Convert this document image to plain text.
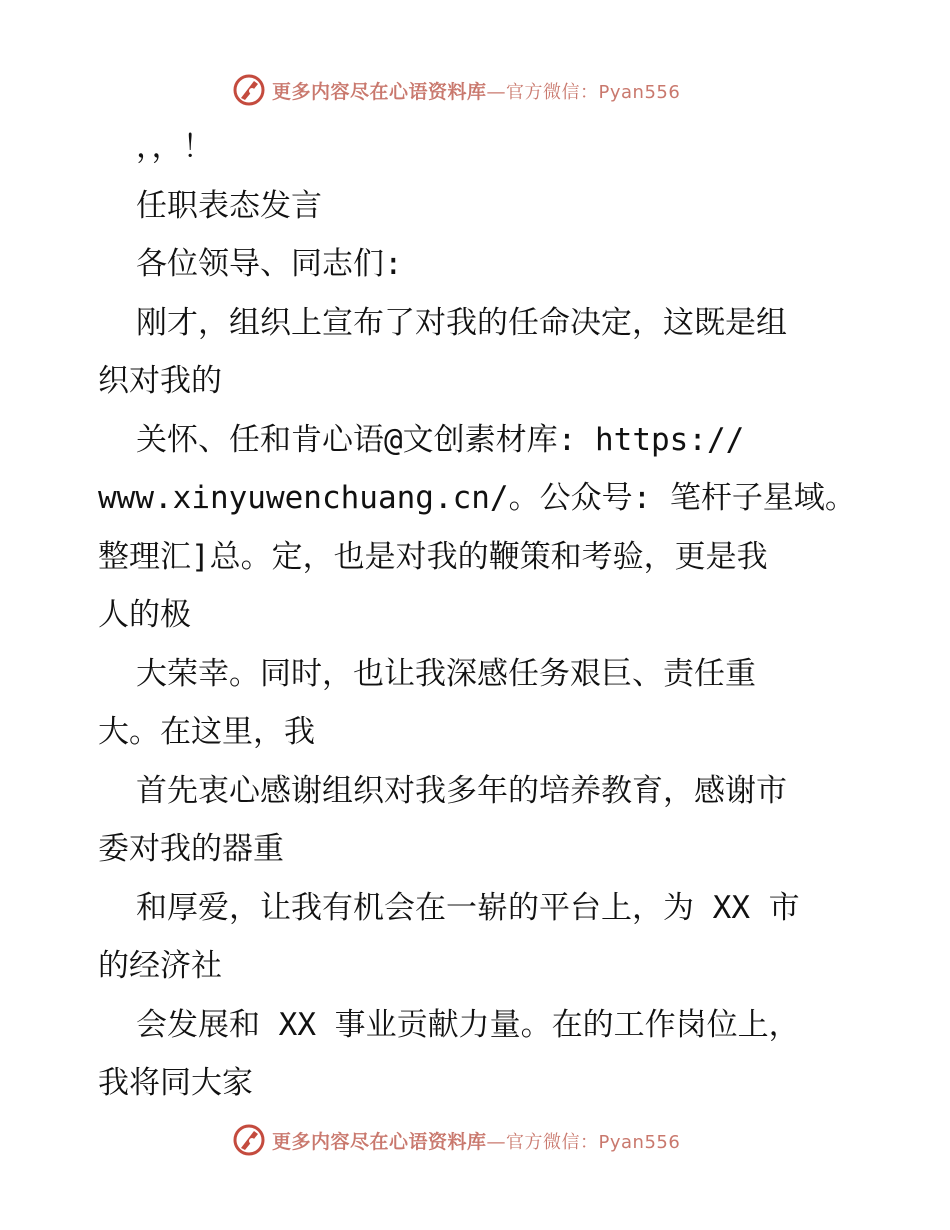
更多内容尽在心语资料库—官方微信：Pyan556
，，！
任职表态发言
各位领导、同志们:
刚才，组织上宣布了对我的任命决定，这既是组
织对我的
关怀、任和肯心语@文创素材库: https://
www.xinyuwenchuang.cn/。公众号: 笔杆子星域。
整理汇]总。定，也是对我的鞭策和考验，更是我
人的极
大荣幸。同时，也让我深感任务艰巨、责任重
大。在这里，我
首先衷心感谢组织对我多年的培养教育，感谢市
委对我的器重
和厚爱，让我有机会在一崭的平台上，为 XX 市
的经济社
会发展和 XX 事业贡献力量。在的工作岗位上，
我将同大家
更多内容尽在心语资料库—官方微信：Pyan556
